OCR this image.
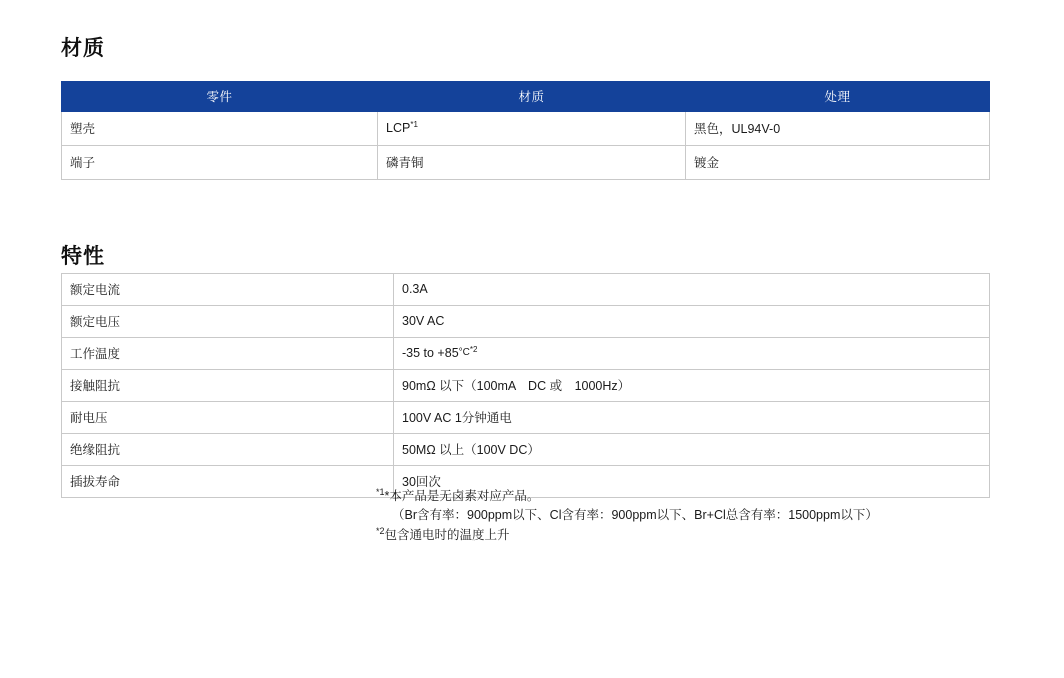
材质
零件	材质	处理
塑壳	LCP$^{*1}$	黑色，UL94V-0
端子	磷青铜	镀金
特性
额定电流	0.3A
额定电压	30V AC
工作温度	-35 to $+85^{^\circ C*2}$
接触阻抗	90mΩ 以下（100mA　DC 或　1000Hz）
耐电压	100V AC 1分钟通电
绝缘阻抗	50MΩ 以上（100V DC）
插拔寿命	30回次
$^{*1}$*本产品是无卤素对应产品。
（Br含有率：900ppm以下、Cl含有率：900ppm以下、Br+Cl总含有率：1500ppm以下）
$^{*2}$包含通电时的温度上升
